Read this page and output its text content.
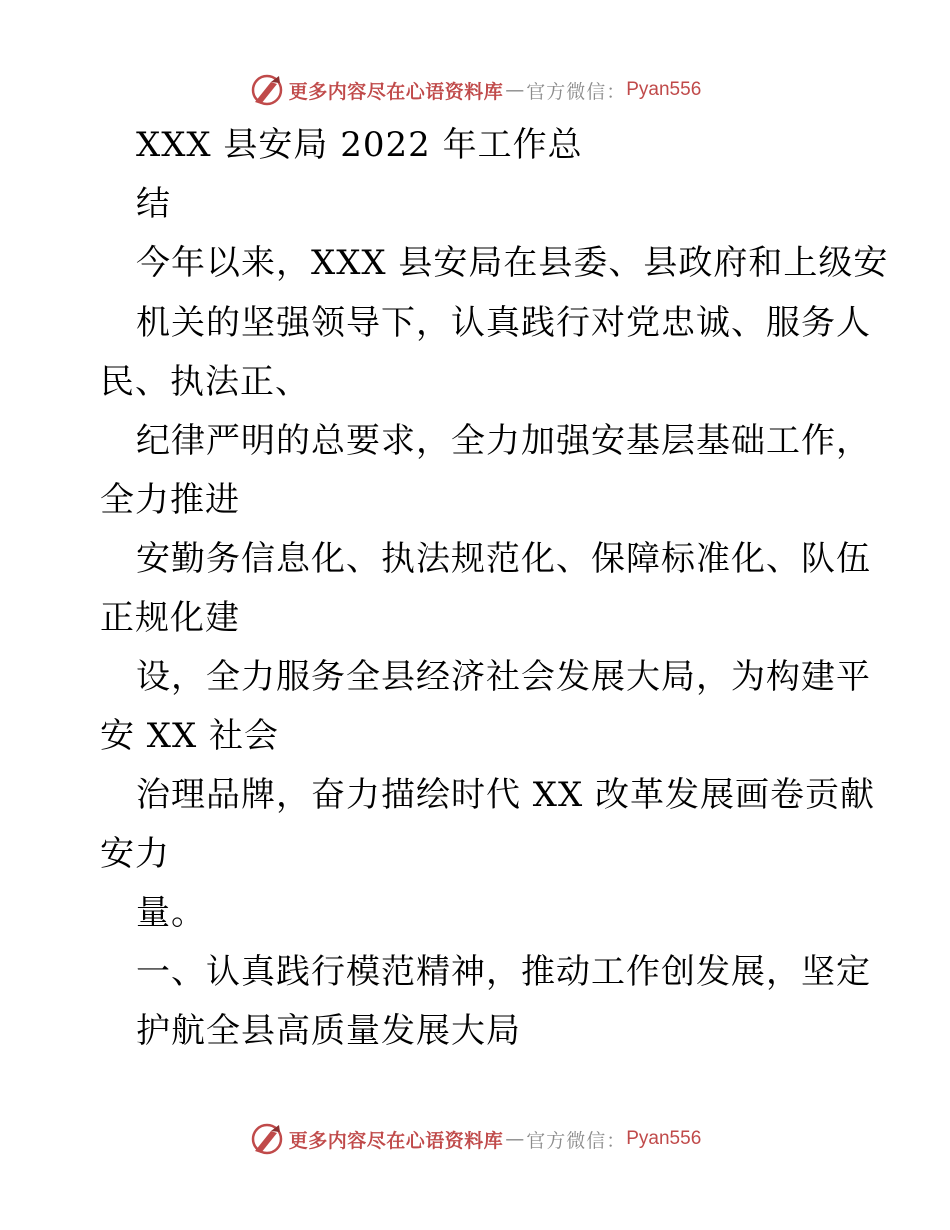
更多内容尽在心语资料库 — 官方微信： Pyan556
XXX 县安局 2022 年工作总
结
今年以来，XXX 县安局在县委、县政府和上级安
机关的坚强领导下，认真践行对党忠诚、服务人
民、执法正、
纪律严明的总要求，全力加强安基层基础工作，
全力推进
安勤务信息化、执法规范化、保障标准化、队伍
正规化建
设，全力服务全县经济社会发展大局，为构建平
安 XX 社会
治理品牌，奋力描绘时代 XX 改革发展画卷贡献
安力
量。
一、认真践行模范精神，推动工作创发展，坚定
护航全县高质量发展大局
更多内容尽在心语资料库 — 官方微信： Pyan556
